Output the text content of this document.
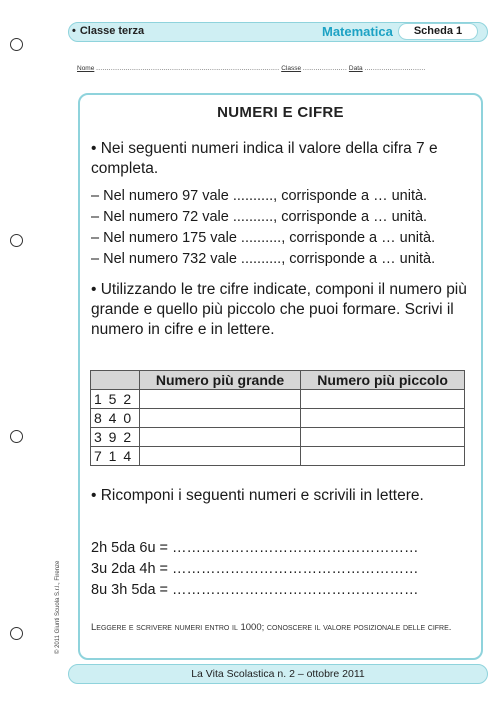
• Classe terza	Matematica	Scheda 1
Nome ....................................................................................... Classe ..................... Data .............................
NUMERI E CIFRE
• Nei seguenti numeri indica il valore della cifra 7 e completa.
– Nel numero 97 vale .........., corrisponde a … unità.
– Nel numero 72 vale .........., corrisponde a … unità.
– Nel numero 175 vale .........., corrisponde a … unità.
– Nel numero 732 vale .........., corrisponde a … unità.
• Utilizzando le tre cifre indicate, componi il numero più grande e quello più piccolo che puoi formare. Scrivi il numero in cifre e in lettere.
	Numero più grande	Numero più piccolo
1 5 2		
8 4 0		
3 9 2		
7 1 4		
• Ricomponi i seguenti numeri e scrivili in lettere.
2h 5da 6u = ……………………………………………
3u 2da 4h = ……………………………………………
8u 3h 5da = ……………………………………………
Leggere e scrivere numeri entro il 1000; conoscere il valore posizionale delle cifre.
© 2011 Giunti Scuola S.r.l., Firenze
La Vita Scolastica n. 2 – ottobre 2011
